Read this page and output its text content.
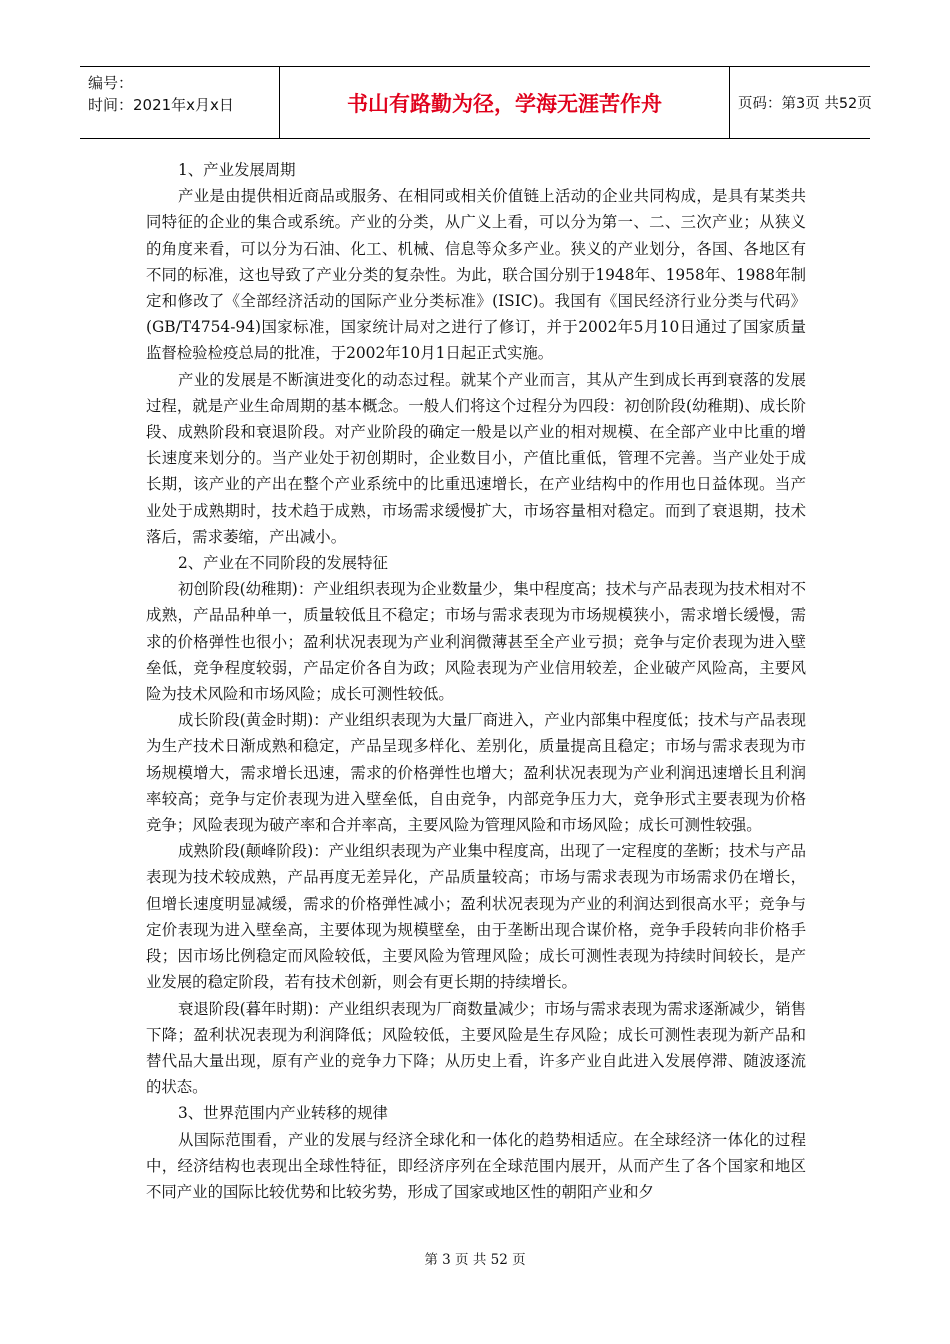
编号：
时间：2021年x月x日	书山有路勤为径，学海无涯苦作舟	页码：第3页 共52页

1、产业发展周期

产业是由提供相近商品或服务、在相同或相关价值链上活动的企业共同构成，是具有某类共同特征的企业的集合或系统。产业的分类，从广义上看，可以分为第一、二、三次产业；从狭义的角度来看，可以分为石油、化工、机械、信息等众多产业。狭义的产业划分，各国、各地区有不同的标准，这也导致了产业分类的复杂性。为此，联合国分别于1948年、1958年、1988年制定和修改了《全部经济活动的国际产业分类标准》(ISIC)。我国有《国民经济行业分类与代码》(GB/T4754-94)国家标准，国家统计局对之进行了修订，并于2002年5月10日通过了国家质量监督检验检疫总局的批准，于2002年10月1日起正式实施。

产业的发展是不断演进变化的动态过程。就某个产业而言，其从产生到成长再到衰落的发展过程，就是产业生命周期的基本概念。一般人们将这个过程分为四段：初创阶段(幼稚期)、成长阶段、成熟阶段和衰退阶段。对产业阶段的确定一般是以产业的相对规模、在全部产业中比重的增长速度来划分的。当产业处于初创期时，企业数目小，产值比重低，管理不完善。当产业处于成长期，该产业的产出在整个产业系统中的比重迅速增长，在产业结构中的作用也日益体现。当产业处于成熟期时，技术趋于成熟，市场需求缓慢扩大，市场容量相对稳定。而到了衰退期，技术落后，需求萎缩，产出减小。

2、产业在不同阶段的发展特征

初创阶段(幼稚期)：产业组织表现为企业数量少，集中程度高；技术与产品表现为技术相对不成熟，产品品种单一，质量较低且不稳定；市场与需求表现为市场规模狭小，需求增长缓慢，需求的价格弹性也很小；盈利状况表现为产业利润微薄甚至全产业亏损；竞争与定价表现为进入壁垒低，竞争程度较弱，产品定价各自为政；风险表现为产业信用较差，企业破产风险高，主要风险为技术风险和市场风险；成长可测性较低。

成长阶段(黄金时期)：产业组织表现为大量厂商进入，产业内部集中程度低；技术与产品表现为生产技术日渐成熟和稳定，产品呈现多样化、差别化，质量提高且稳定；市场与需求表现为市场规模增大，需求增长迅速，需求的价格弹性也增大；盈利状况表现为产业利润迅速增长且利润率较高；竞争与定价表现为进入壁垒低，自由竞争，内部竞争压力大，竞争形式主要表现为价格竞争；风险表现为破产率和合并率高，主要风险为管理风险和市场风险；成长可测性较强。

成熟阶段(颠峰阶段)：产业组织表现为产业集中程度高，出现了一定程度的垄断；技术与产品表现为技术较成熟，产品再度无差异化，产品质量较高；市场与需求表现为市场需求仍在增长，但增长速度明显减缓，需求的价格弹性减小；盈利状况表现为产业的利润达到很高水平；竞争与定价表现为进入壁垒高，主要体现为规模壁垒，由于垄断出现合谋价格，竞争手段转向非价格手段；因市场比例稳定而风险较低，主要风险为管理风险；成长可测性表现为持续时间较长，是产业发展的稳定阶段，若有技术创新，则会有更长期的持续增长。

衰退阶段(暮年时期)：产业组织表现为厂商数量减少；市场与需求表现为需求逐渐减少，销售下降；盈利状况表现为利润降低；风险较低，主要风险是生存风险；成长可测性表现为新产品和替代品大量出现，原有产业的竞争力下降；从历史上看，许多产业自此进入发展停滞、随波逐流的状态。

3、世界范围内产业转移的规律

从国际范围看，产业的发展与经济全球化和一体化的趋势相适应。在全球经济一体化的过程中，经济结构也表现出全球性特征，即经济序列在全球范围内展开，从而产生了各个国家和地区不同产业的国际比较优势和比较劣势，形成了国家或地区性的朝阳产业和夕

第 3 页 共 52 页
